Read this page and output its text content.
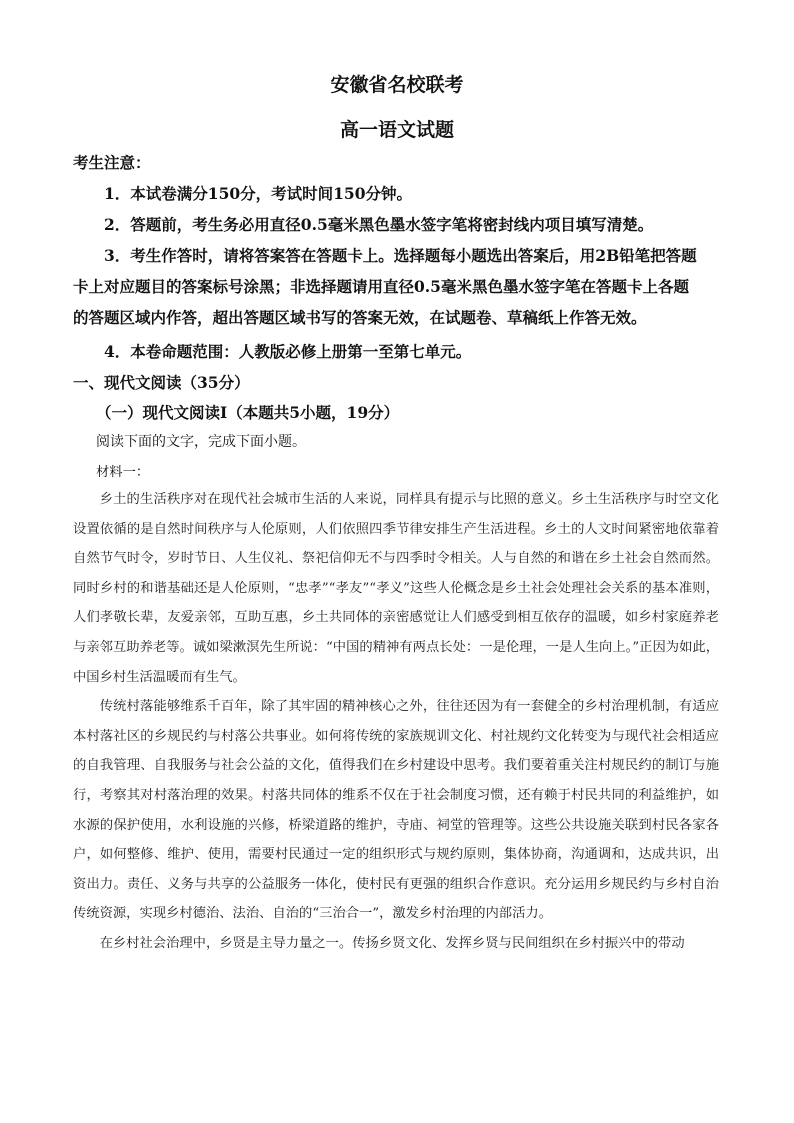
安徽省名校联考
高一语文试题
考生注意：
1．本试卷满分150分，考试时间150分钟。
2．答题前，考生务必用直径0.5毫米黑色墨水签字笔将密封线内项目填写清楚。
3．考生作答时，请将答案答在答题卡上。选择题每小题选出答案后，用2B铅笔把答题
卡上对应题目的答案标号涂黑；非选择题请用直径0.5毫米黑色墨水签字笔在答题卡上各题
的答题区域内作答，超出答题区域书写的答案无效，在试题卷、草稿纸上作答无效。
4．本卷命题范围：人教版必修上册第一至第七单元。
一、现代文阅读（35分）
（一）现代文阅读Ⅰ（本题共5小题，19分）
阅读下面的文字，完成下面小题。
材料一：

乡土的生活秩序对在现代社会城市生活的人来说，同样具有提示与比照的意义。乡土生活秩序与时空文化设置依循的是自然时间秩序与人伦原则，人们依照四季节律安排生产生活进程。乡土的人文时间紧密地依靠着自然节气时令，岁时节日、人生仪礼、祭祀信仰无不与四季时令相关。人与自然的和谐在乡土社会自然而然。同时乡村的和谐基础还是人伦原则，“忠孝”“孝友”“孝义”这些人伦概念是乡土社会处理社会关系的基本准则，人们孝敬长辈，友爱亲邻，互助互惠，乡土共同体的亲密感觉让人们感受到相互依存的温暖，如乡村家庭养老与亲邻互助养老等。诚如梁漱溟先生所说：“中国的精神有两点长处：一是伦理，一是人生向上。”正因为如此，中国乡村生活温暖而有生气。

传统村落能够维系千百年，除了其牢固的精神核心之外，往往还因为有一套健全的乡村治理机制，有适应本村落社区的乡规民约与村落公共事业。如何将传统的家族规训文化、村社规约文化转变为与现代社会相适应的自我管理、自我服务与社会公益的文化，值得我们在乡村建设中思考。我们要着重关注村规民约的制订与施行，考察其对村落治理的效果。村落共同体的维系不仅在于社会制度习惯，还有赖于村民共同的利益维护，如水源的保护使用，水利设施的兴修，桥梁道路的维护，寺庙、祠堂的管理等。这些公共设施关联到村民各家各户，如何整修、维护、使用，需要村民通过一定的组织形式与规约原则，集体协商，沟通调和，达成共识，出资出力。责任、义务与共享的公益服务一体化，使村民有更强的组织合作意识。充分运用乡规民约与乡村自治传统资源，实现乡村德治、法治、自治的“三治合一”，激发乡村治理的内部活力。

在乡村社会治理中，乡贤是主导力量之一。传扬乡贤文化、发挥乡贤与民间组织在乡村振兴中的带动
